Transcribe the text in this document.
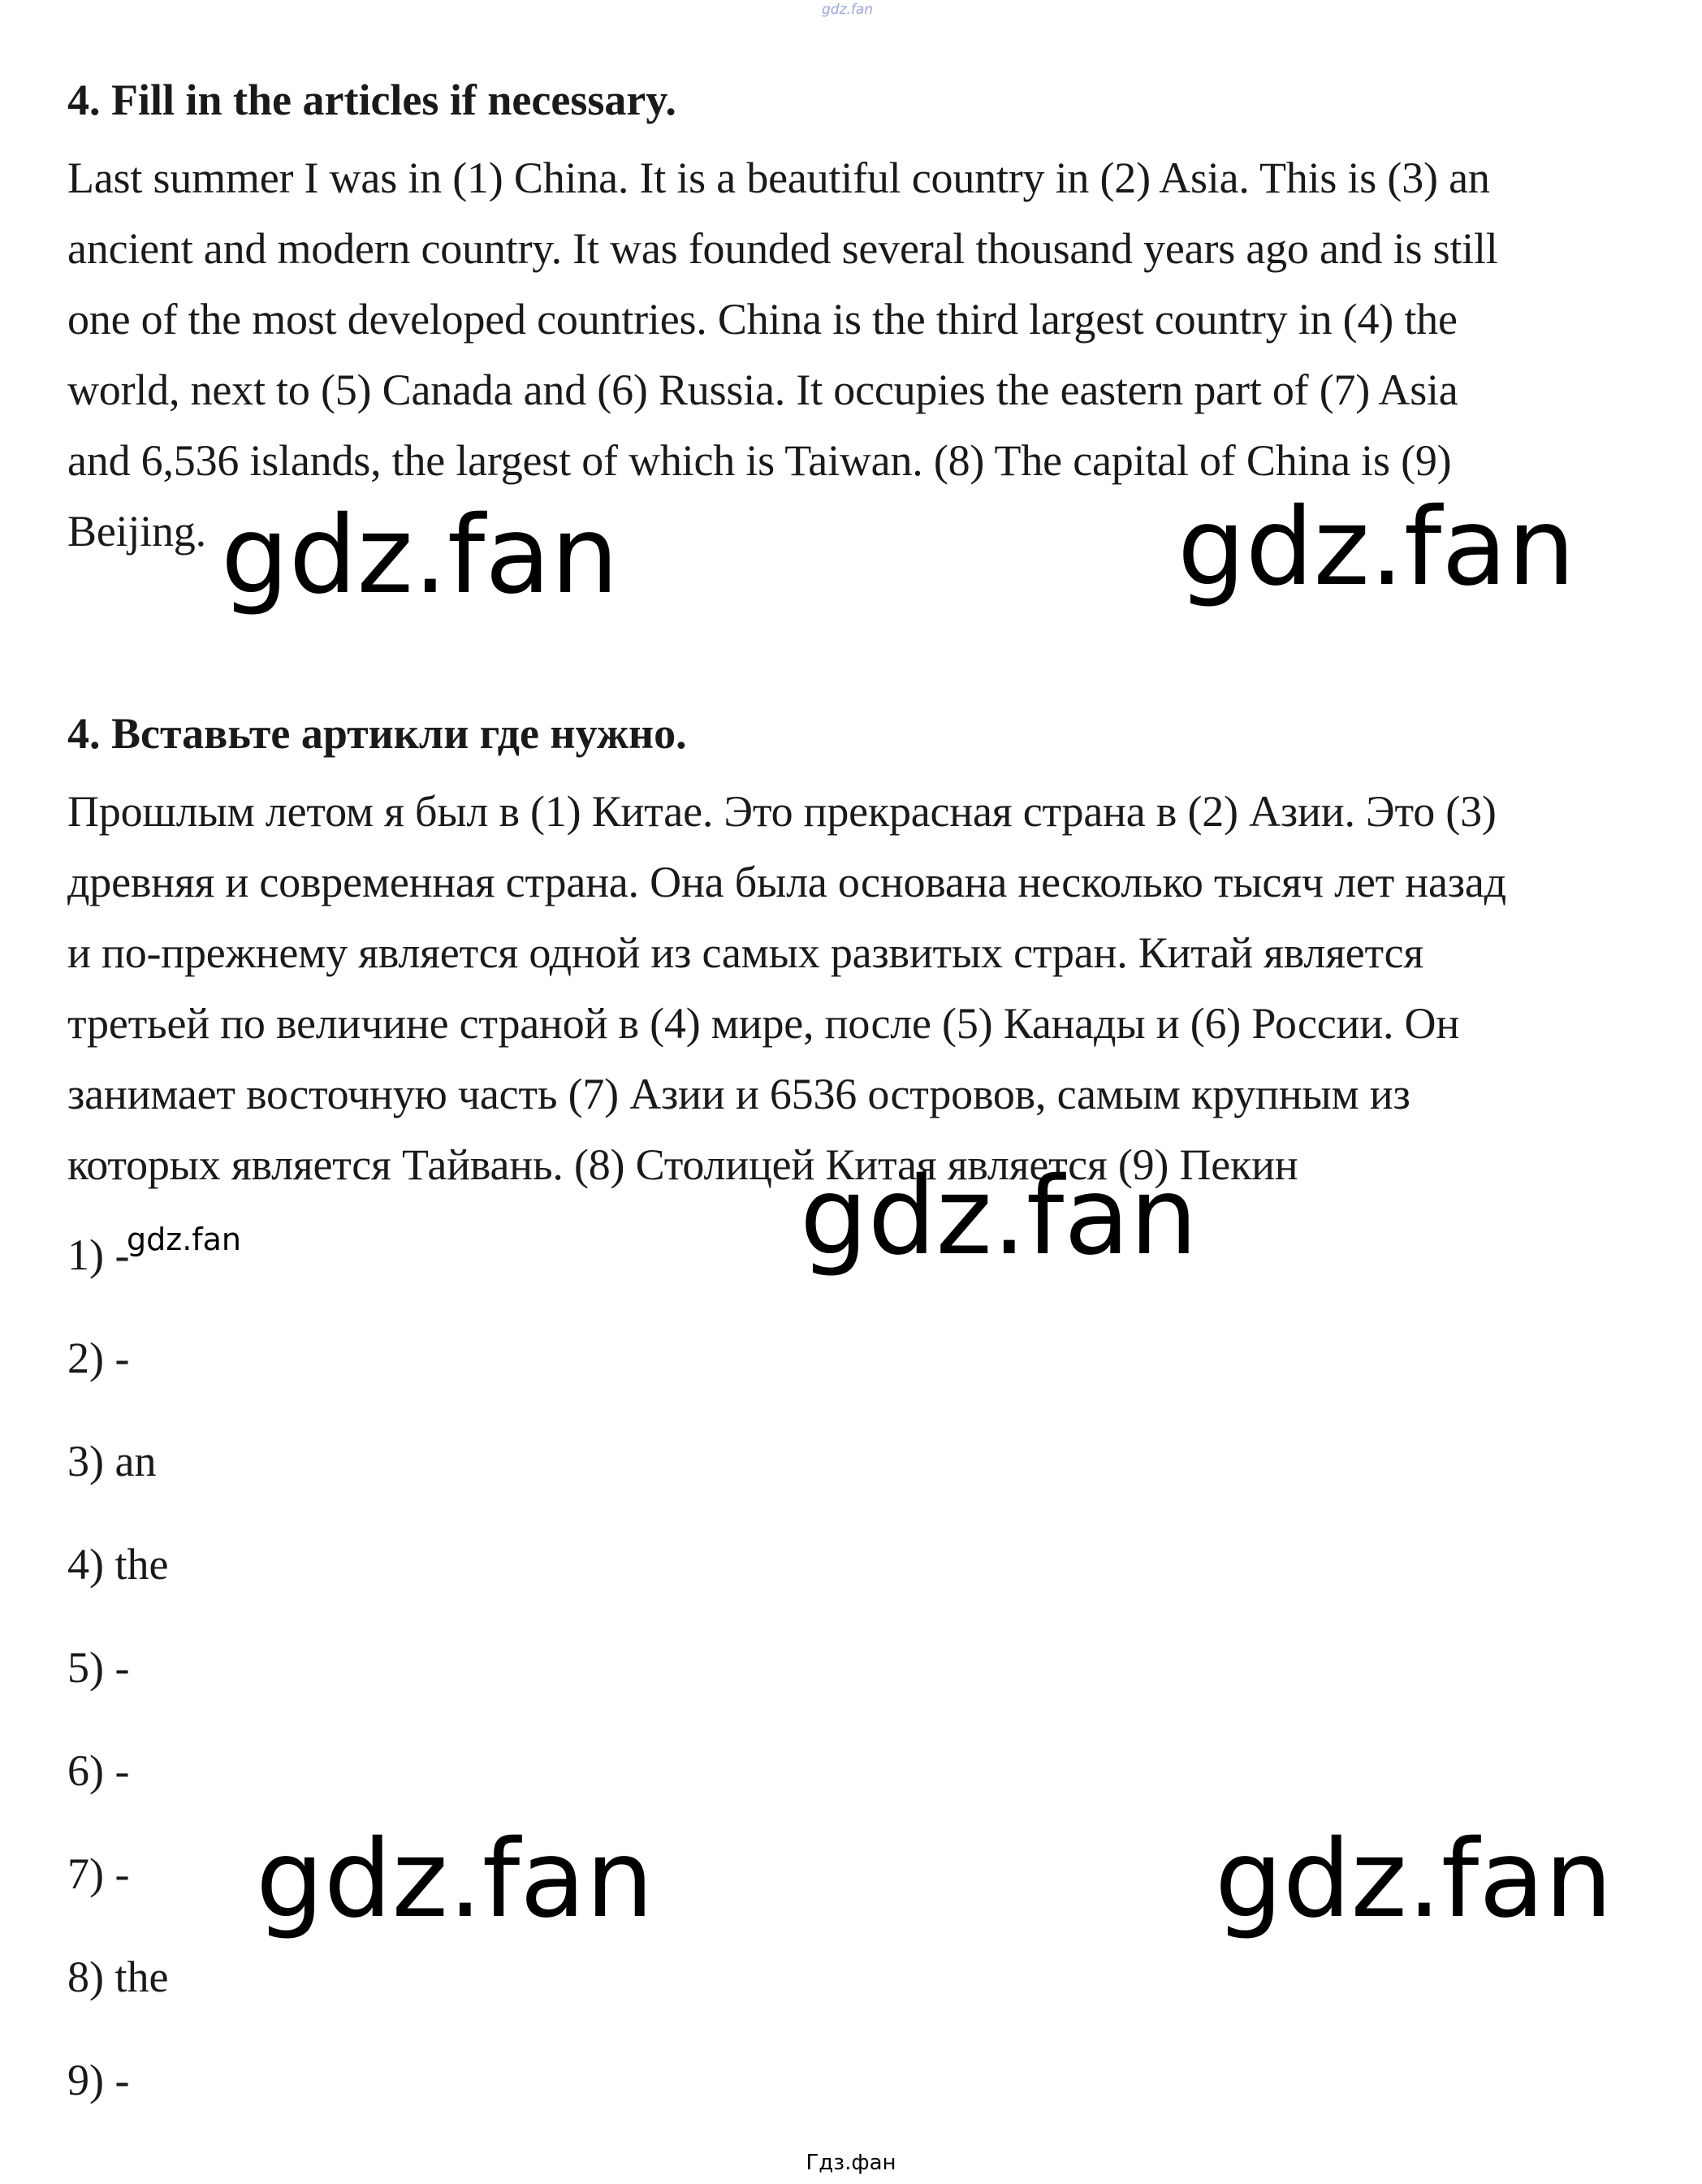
gdz.fan

4. Fill in the articles if necessary.

Last summer I was in (1) China. It is a beautiful country in (2) Asia. This is (3) an
ancient and modern country. It was founded several thousand years ago and is still
one of the most developed countries. China is the third largest country in (4) the
world, next to (5) Canada and (6) Russia. It occupies the eastern part of (7) Asia
and 6,536 islands, the largest of which is Taiwan. (8) The capital of China is (9)
Beijing.

4. Вставьте артикли где нужно.

Прошлым летом я был в (1) Китае. Это прекрасная страна в (2) Азии. Это (3)
древняя и современная страна. Она была основана несколько тысяч лет назад
и по-прежнему является одной из самых развитых стран. Китай является
третьей по величине страной в (4) мире, после (5) Канады и (6) России. Он
занимает восточную часть (7) Азии и 6536 островов, самым крупным из
которых является Тайвань. (8) Столицей Китая является (9) Пекин

1) -
2) -
3) an
4) the
5) -
6) -
7) -
8) the
9) -
gdz.fan	gdz.fan
gdz.fan
gdz.fan
gdz.fan	gdz.fan
Гдз.фан
